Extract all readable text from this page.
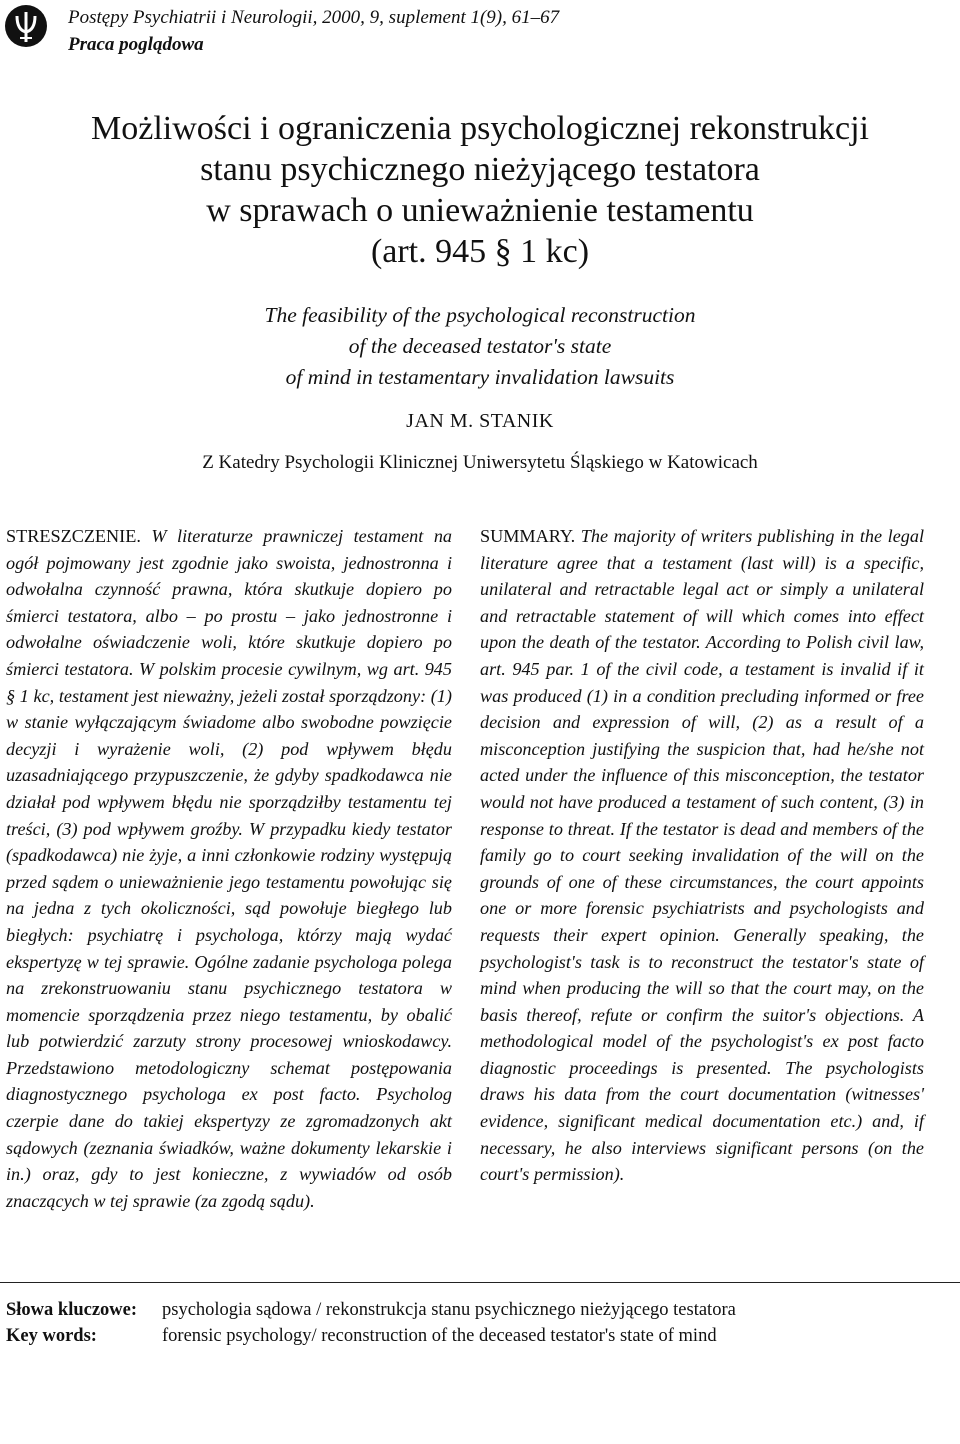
Postępy Psychiatrii i Neurologii, 2000, 9, suplement 1(9), 61–67
Praca poglądowa
Możliwości i ograniczenia psychologicznej rekonstrukcji
stanu psychicznego nieżyjącego testatora
w sprawach o unieważnienie testamentu
(art. 945 § 1 kc)
The feasibility of the psychological reconstruction
of the deceased testator's state
of mind in testamentary invalidation lawsuits
JAN M. STANIK
Z Katedry Psychologii Klinicznej Uniwersytetu Śląskiego w Katowicach
STRESZCZENIE. W literaturze prawniczej testament na ogół pojmowany jest zgodnie jako swoista, jednostronna i odwołalna czynność prawna, która skutkuje dopiero po śmierci testatora, albo – po prostu – jako jednostronne i odwołalne oświadczenie woli, które skutkuje dopiero po śmierci testatora. W polskim procesie cywilnym, wg art. 945 § 1 kc, testament jest nieważny, jeżeli został sporządzony: (1) w stanie wyłączającym świadome albo swobodne powzięcie decyzji i wyrażenie woli, (2) pod wpływem błędu uzasadniającego przypuszczenie, że gdyby spadkodawca nie działał pod wpływem błędu nie sporządziłby testamentu tej treści, (3) pod wpływem groźby. W przypadku kiedy testator (spadkodawca) nie żyje, a inni członkowie rodziny występują przed sądem o unieważnienie jego testamentu powołując się na jedna z tych okoliczności, sąd powołuje biegłego lub biegłych: psychiatrę i psychologa, którzy mają wydać ekspertyzę w tej sprawie. Ogólne zadanie psychologa polega na zrekonstruowaniu stanu psychicznego testatora w momencie sporządzenia przez niego testamentu, by obalić lub potwierdzić zarzuty strony procesowej wnioskodawcy. Przedstawiono metodologiczny schemat postępowania diagnostycznego psychologa ex post facto. Psycholog czerpie dane do takiej ekspertyzy ze zgromadzonych akt sądowych (zeznania świadków, ważne dokumenty lekarskie i in.) oraz, gdy to jest konieczne, z wywiadów od osób znaczących w tej sprawie (za zgodą sądu).
SUMMARY. The majority of writers publishing in the legal literature agree that a testament (last will) is a specific, unilateral and retractable legal act or simply a unilateral and retractable statement of will which comes into effect upon the death of the testator. According to Polish civil law, art. 945 par. 1 of the civil code, a testament is invalid if it was produced (1) in a condition precluding informed or free decision and expression of will, (2) as a result of a misconception justifying the suspicion that, had he/she not acted under the influence of this misconception, the testator would not have produced a testament of such content, (3) in response to threat. If the testator is dead and members of the family go to court seeking invalidation of the will on the grounds of one of these circumstances, the court appoints one or more forensic psychiatrists and psychologists and requests their expert opinion. Generally speaking, the psychologist's task is to reconstruct the testator's state of mind when producing the will so that the court may, on the basis thereof, refute or confirm the suitor's objections. A methodological model of the psychologist's ex post facto diagnostic proceedings is presented. The psychologists draws his data from the court documentation (witnesses' evidence, significant medical documentation etc.) and, if necessary, he also interviews significant persons (on the court's permission).
Słowa kluczowe: psychologia sądowa / rekonstrukcja stanu psychicznego nieżyjącego testatora
Key words:	forensic psychology/ reconstruction of the deceased testator's state of mind
